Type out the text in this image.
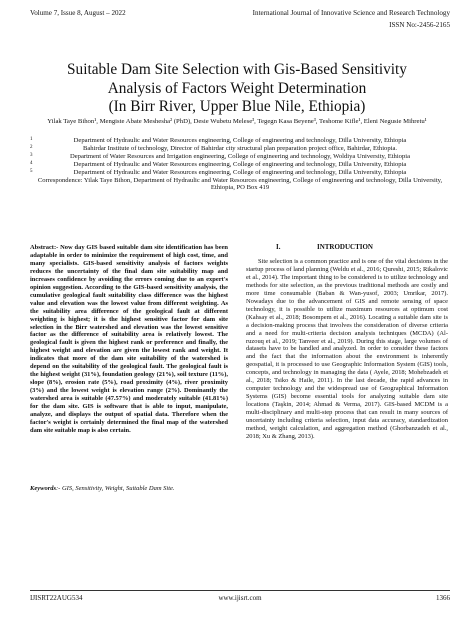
Volume 7, Issue 8, August – 2022	International Journal of Innovative Science and Research Technology
ISSN No:-2456-2165
Suitable Dam Site Selection with Gis-Based Sensitivity
Analysis of Factors Weight Determination
(In Birr River, Upper Blue Nile, Ethiopia)
Yilak Taye Bihon¹, Mengiste Abate Meshesha² (PhD), Desie Wubetu Melese³, Tegegn Kasa Beyene³, Teshome Kifle¹, Eleni Negusie Mihretu¹
1	Department of Hydraulic and Water Resources engineering, College of engineering and technology, Dilla University, Ethiopia
2	Bahirdar Institute of technology, Director of Bahirdar city structural plan preparation project office, Bahirdar, Ethiopia.
3	Department of Water Resources and Irrigation engineering, College of engineering and technology, Woldiya University, Ethiopia
4	Department of Hydraulic and Water Resources engineering, College of engineering and technology, Dilla University, Ethiopia
5	Department of Hydraulic and Water Resources engineering, College of engineering and technology, Dilla University, Ethiopia
Correspondence: Yilak Taye Bihon, Department of Hydraulic and Water Resources engineering, College of engineering and technology, Dilla University, Ethiopia, PO Box 419
Abstract:- Now day GIS based suitable dam site identification has been adaptable in order to minimize the requirement of high cost, time, and many specialists. GIS-based sensitivity analysis of factors weights reduces the uncertainty of the final dam site suitability map and increases confidence by avoiding the errors coming due to an expert's opinion suggestion. According to the GIS-based sensitivity analysis, the cumulative geological fault suitability class difference was the highest value and elevation was the lowest value from different weighting. As the suitability area difference of the geological fault at different weighting is highest; it is the highest sensitive factor for dam site selection in the Birr watershed and elevation was the lowest sensitive factor as the difference of suitability area is relatively lowest. The geological fault is given the highest rank or preference and finally, the highest weight and elevation are given the lowest rank and weight. It indicates that more of the dam site suitability of the watershed is depend on the suitability of the geological fault. The geological fault is the highest weight (31%), foundation geology (21%), soil texture (11%), slope (8%), erosion rate (5%), road proximity (4%), river proximity (3%) and the lowest weight is elevation range (2%). Dominantly the watershed area is suitable (47.57%) and moderately suitable (41.81%) for the dam site. GIS is software that is able to input, manipulate, analyze, and displays the output of spatial data. Therefore when the factor's weight is certainly determined the final map of the watershed dam site suitable map is also certain.
Keywords:- GIS, Sensitivity, Weight, Suitable Dam Site.
I.	INTRODUCTION
Site selection is a common practice and is one of the vital decisions in the startup process of land planning (Weldu et al., 2016; Qureshi, 2015; Rikalovic et al., 2014). The important thing to be considered is to utilize technology and methods for site selection, as the previous traditional methods are costly and more time consumable (Baban & Wan-yusof, 2003; Umrikar, 2017). Nowadays due to the advancement of GIS and remote sensing of space technology, it is possible to utilize maximum resources at optimum cost (Kahsay et al., 2018; Bosompem et al., 2016). Locating a suitable dam site is a decision-making process that involves the consideration of diverse criteria and a need for multi-criteria decision analysis techniques (MCDA) (Al-ruzouq et al., 2019; Tanveer et al., 2019). During this stage, large volumes of datasets have to be handled and analyzed. In order to consider these factors and the fact that the information about the environment is inherently geospatial, it is processed to use Geographic Information System (GIS) tools, concepts, and technology in managing the data ( Ayele, 2018; Mohebzadeh et al., 2018; Tsiko & Haile, 2011). In the last decade, the rapid advances in computer technology and the widespread use of Geographical Information Systems (GIS) become essential tools for analyzing suitable dam site locations (Taşkin, 2014; Ahmad & Verma, 2017). GIS-based MCDM is a multi-disciplinary and multi-step process that can result in many sources of uncertainty including criteria selection, input data accuracy, standardization method, weight calculation, and aggregation method (Ghorbanzadeh et al., 2018; Xu & Zhang, 2013).
IJISRT22AUG534	www.ijisrt.com	1366
